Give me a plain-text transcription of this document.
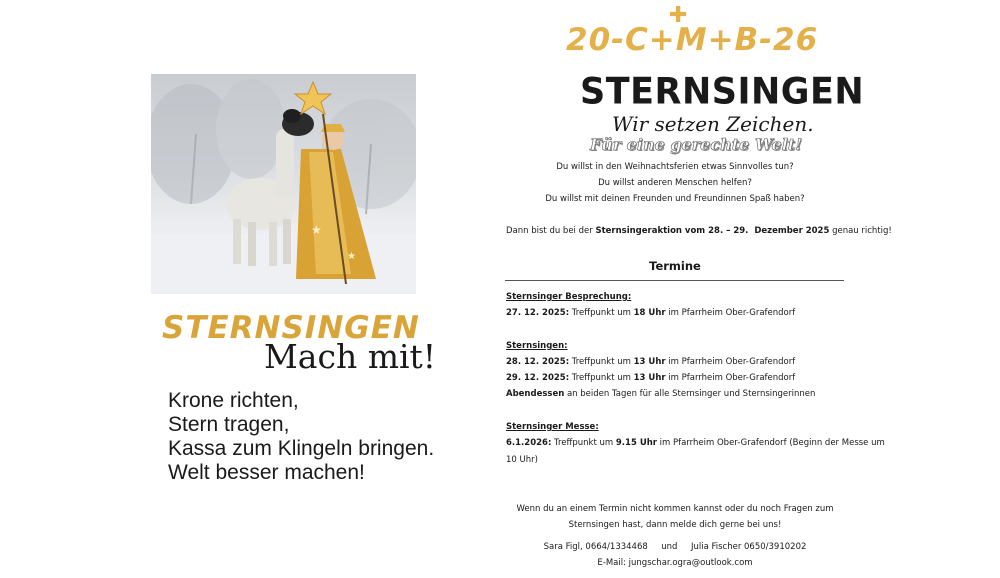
★
★
STERNSINGEN
Mach mit!
Krone richten,
Stern tragen,
Kassa zum Klingeln bringen.
Welt besser machen!
✚
20-C+M+B-26
STERNSINGEN
Wir setzen Zeichen.
Für eine gerechte Welt!
Du willst in den Weihnachtsferien etwas Sinnvolles tun?
Du willst anderen Menschen helfen?
Du willst mit deinen Freunden und Freundinnen Spaß haben?
Dann bist du bei der Sternsingeraktion vom 28. – 29.  Dezember 2025 genau richtig!
Termine
Sternsinger Besprechung:
27. 12. 2025: Treffpunkt um 18 Uhr im Pfarrheim Ober-Grafendorf
Sternsingen:
28. 12. 2025: Treffpunkt um 13 Uhr im Pfarrheim Ober-Grafendorf
29. 12. 2025: Treffpunkt um 13 Uhr im Pfarrheim Ober-Grafendorf
Abendessen an beiden Tagen für alle Sternsinger und Sternsingerinnen
Sternsinger Messe:
6.1.2026: Treffpunkt um 9.15 Uhr im Pfarrheim Ober-Grafendorf (Beginn der Messe um
10 Uhr)
Wenn du an einem Termin nicht kommen kannst oder du noch Fragen zum
Sternsingen hast, dann melde dich gerne bei uns!
Sara Figl, 0664/1334468     und     Julia Fischer 0650/3910202
E-Mail: jungschar.ogra@outlook.com
